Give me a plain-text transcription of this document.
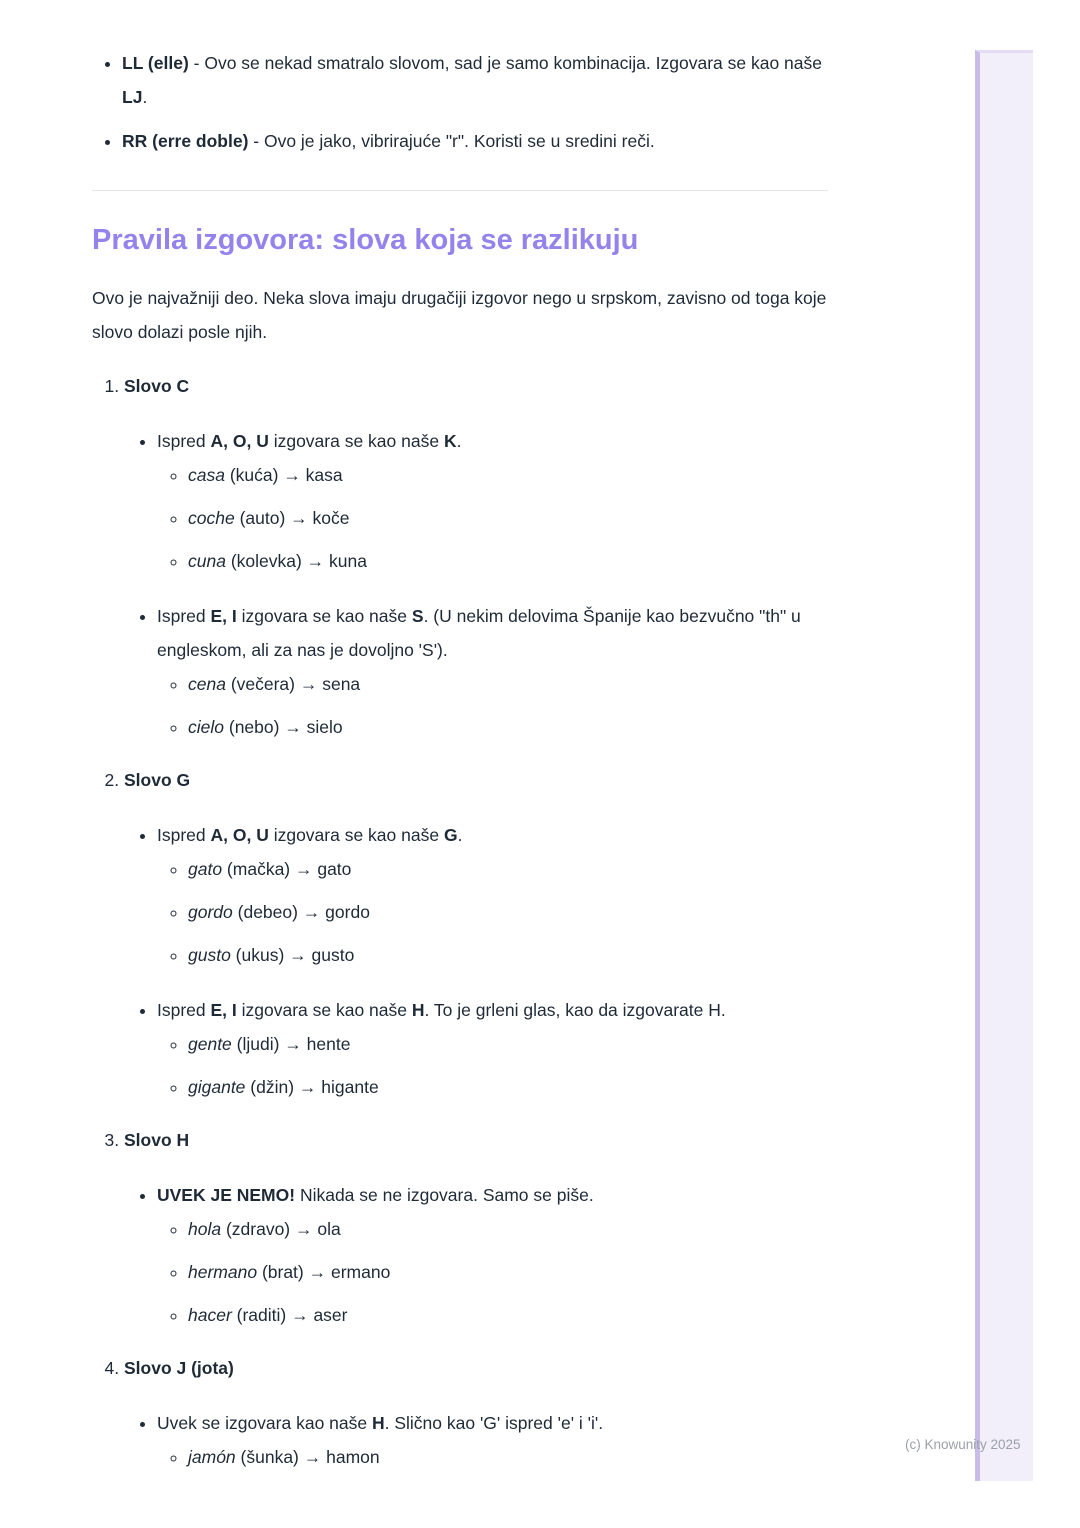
• LL (elle) - Ovo se nekad smatralo slovom, sad je samo kombinacija. Izgovara se kao naše LJ.
• RR (erre doble) - Ovo je jako, vibrirajuće "r". Koristi se u sredini reči.
Pravila izgovora: slova koja se razlikuju

Ovo je najvažniji deo. Neka slova imaju drugačiji izgovor nego u srpskom, zavisno od toga koje slovo dolazi posle njih.

1. Slovo C
• Ispred A, O, U izgovara se kao naše K.
◦ casa (kuća) → kasa
◦ coche (auto) → koče
◦ cuna (kolevka) → kuna
• Ispred E, I izgovara se kao naše S. (U nekim delovima Španije kao bezvučno "th" u engleskom, ali za nas je dovoljno 'S').
◦ cena (večera) → sena
◦ cielo (nebo) → sielo
2. Slovo G
• Ispred A, O, U izgovara se kao naše G.
◦ gato (mačka) → gato
◦ gordo (debeo) → gordo
◦ gusto (ukus) → gusto
• Ispred E, I izgovara se kao naše H. To je grleni glas, kao da izgovarate H.
◦ gente (ljudi) → hente
◦ gigante (džin) → higante
3. Slovo H
• UVEK JE NEMO! Nikada se ne izgovara. Samo se piše.
◦ hola (zdravo) → ola
◦ hermano (brat) → ermano
◦ hacer (raditi) → aser
4. Slovo J (jota)
• Uvek se izgovara kao naše H. Slično kao 'G' ispred 'e' i 'i'.
◦ jamón (šunka) → hamon
(c) Knowunity 2025
